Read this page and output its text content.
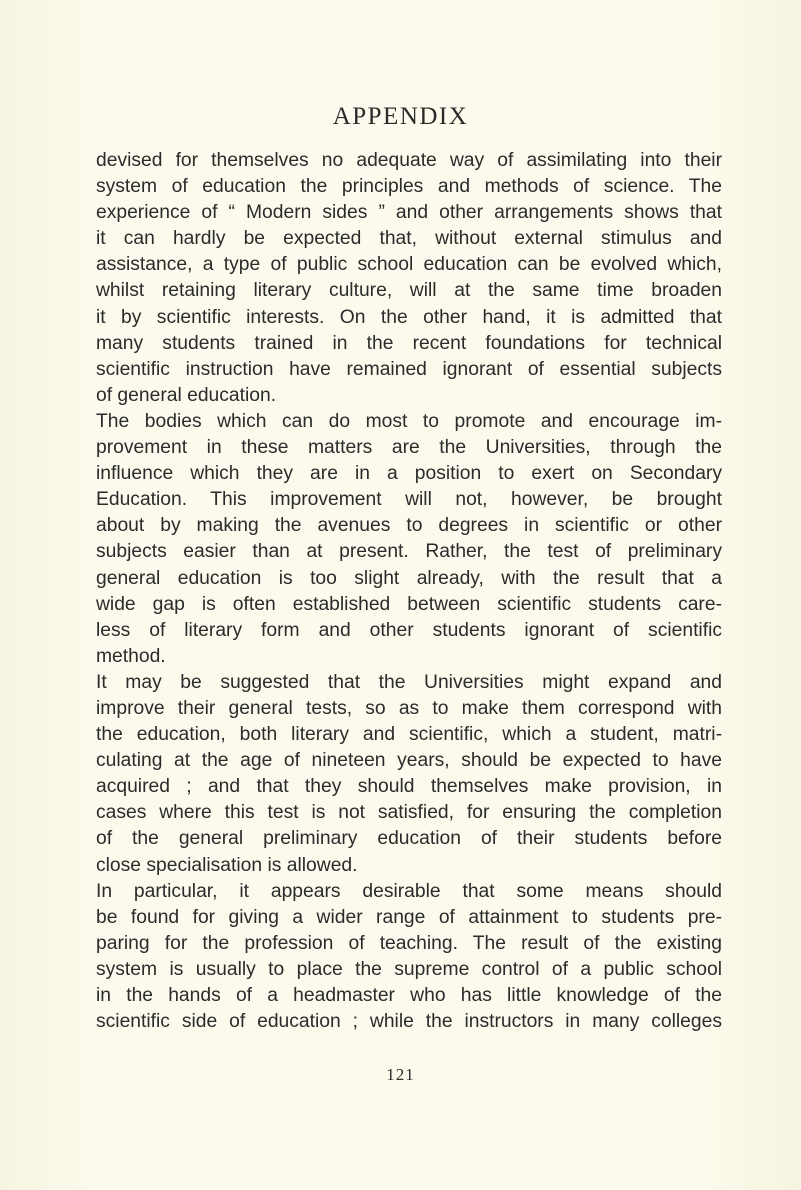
APPENDIX
devised for themselves no adequate way of assimilating into their
system of education the principles and methods of science. The
experience of “ Modern sides ” and other arrangements shows that
it can hardly be expected that, without external stimulus and
assistance, a type of public school education can be evolved which,
whilst retaining literary culture, will at the same time broaden
it by scientific interests. On the other hand, it is admitted that
many students trained in the recent foundations for technical
scientific instruction have remained ignorant of essential subjects
of general education.
The bodies which can do most to promote and encourage im-
provement in these matters are the Universities, through the
influence which they are in a position to exert on Secondary
Education. This improvement will not, however, be brought
about by making the avenues to degrees in scientific or other
subjects easier than at present. Rather, the test of preliminary
general education is too slight already, with the result that a
wide gap is often established between scientific students care-
less of literary form and other students ignorant of scientific
method.
It may be suggested that the Universities might expand and
improve their general tests, so as to make them correspond with
the education, both literary and scientific, which a student, matri-
culating at the age of nineteen years, should be expected to have
acquired ; and that they should themselves make provision, in
cases where this test is not satisfied, for ensuring the completion
of the general preliminary education of their students before
close specialisation is allowed.
In particular, it appears desirable that some means should
be found for giving a wider range of attainment to students pre-
paring for the profession of teaching. The result of the existing
system is usually to place the supreme control of a public school
in the hands of a headmaster who has little knowledge of the
scientific side of education ; while the instructors in many colleges
121
